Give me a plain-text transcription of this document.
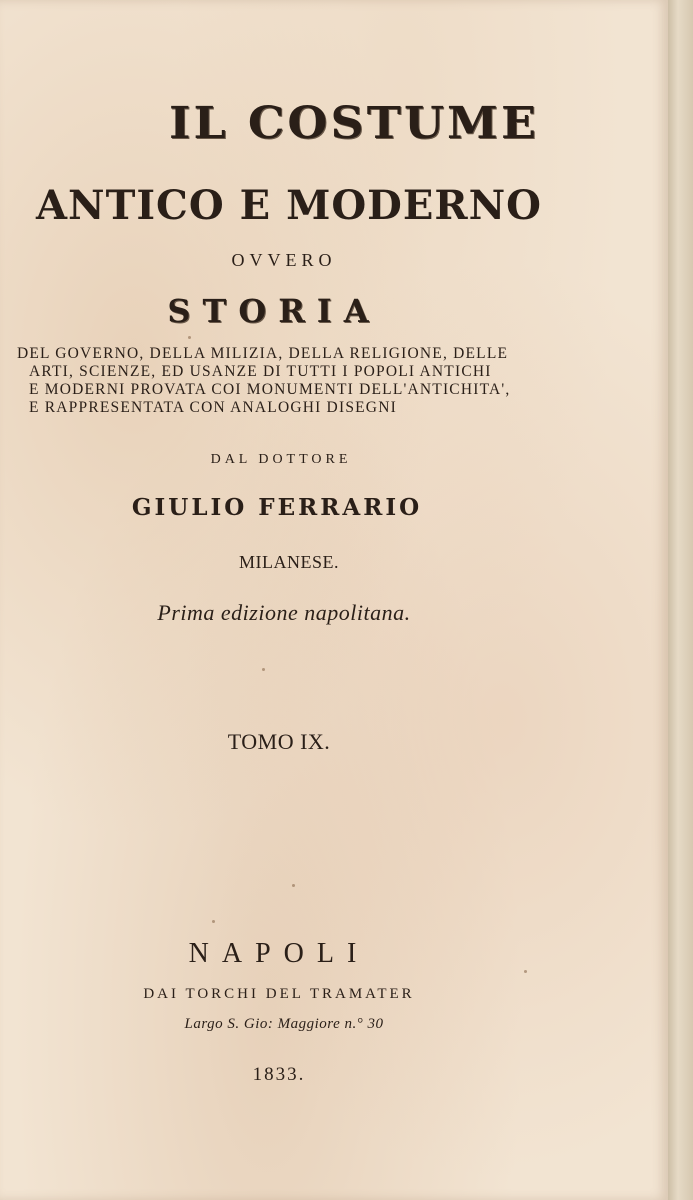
IL COSTUME
ANTICO E MODERNO
OVVERO
STORIA
DEL GOVERNO, DELLA MILIZIA, DELLA RELIGIONE, DELLE
ARTI, SCIENZE, ED USANZE DI TUTTI I POPOLI ANTICHI
E MODERNI PROVATA COI MONUMENTI DELL'ANTICHITA',
E RAPPRESENTATA CON ANALOGHI DISEGNI
DAL DOTTORE
GIULIO FERRARIO
MILANESE.
Prima edizione napolitana.
TOMO IX.
NAPOLI
DAI TORCHI DEL TRAMATER
Largo S. Gio: Maggiore n.° 30
1833.
